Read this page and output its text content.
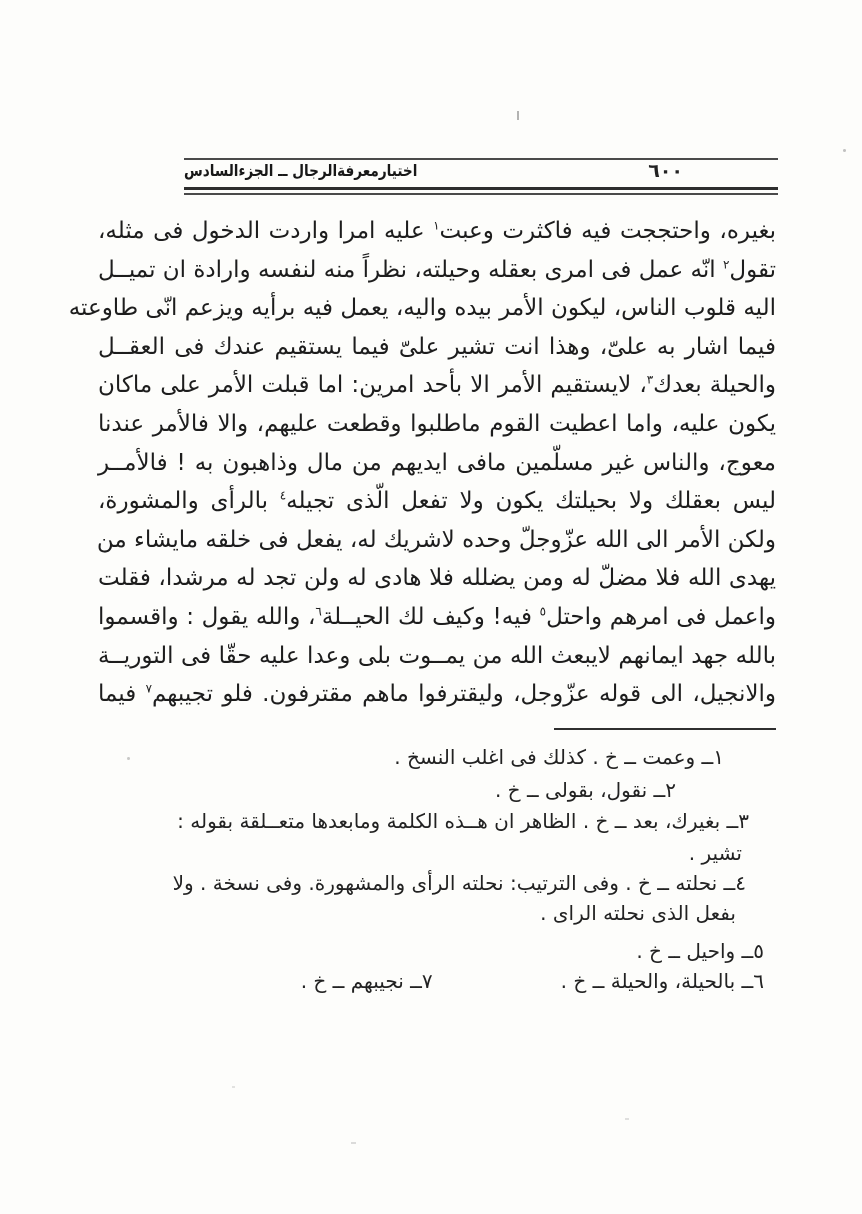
اختيارمعرفةالرجال ــ الجزءالسادس	٦٠٠
بغيره، واحتججت فيه فاكثرت وعبت$^١$ عليه امرا واردت الدخول فى مثله،
تقول$^٢$ انّه عمل فى امرى بعقله وحيلته، نظراً منه لنفسه وارادة ان تميــل
اليه قلوب الناس، ليكون الأمر بيده واليه، يعمل فيه برأيه ويزعم انّى طاوعته
فيما اشار به علىّ، وهذا انت تشير علىّ فيما يستقيم عندك فى العقــل
والحيلة بعدك$^٣$، لايستقيم الأمر الا بأحد امرين: اما قبلت الأمر على ماكان
يكون عليه، واما اعطيت القوم ماطلبوا وقطعت عليهم، والا فالأمر عندنا
معوج، والناس غير مسلّمين مافى ايديهم من مال وذاهبون به ! فالأمــر
ليس بعقلك ولا بحيلتك يكون ولا تفعل الّذى تجيله$^٤$ بالرأى والمشورة،
ولكن الأمر الى الله عزّوجلّ وحده لاشريك له، يفعل فى خلقه مايشاء من
يهدى الله فلا مضلّ له ومن يضلله فلا هادى له ولن تجد له مرشدا، فقلت
واعمل فى امرهم واحتل$^٥$ فيه! وكيف لك الحيــلة$^٦$، والله يقول : واقسموا
بالله جهد ايمانهم لايبعث الله من يمــوت بلى وعدا عليه حقّا فى التوريــة
والانجيل، الى قوله عزّوجل، وليقترفوا ماهم مقترفون. فلو تجيبهم$^٧$ فيما
١ــ وعمت ــ خ . كذلك فى اغلب النسخ .
٢ــ نقول، بقولى ــ خ .
٣ــ بغيرك، بعد ــ خ . الظاهر ان هــذه الكلمة ومابعدها متعــلقة بقوله :
تشير .
٤ــ نحلته ــ خ . وفى الترتيب: نحلته الرأى والمشهورة. وفى نسخة . ولا
بفعل الذى نحلته الراى .
٥ــ واحيل ــ خ .
٦ــ بالحيلة، والحيلة ــ خ .
٧ــ نجيبهم ــ خ .
